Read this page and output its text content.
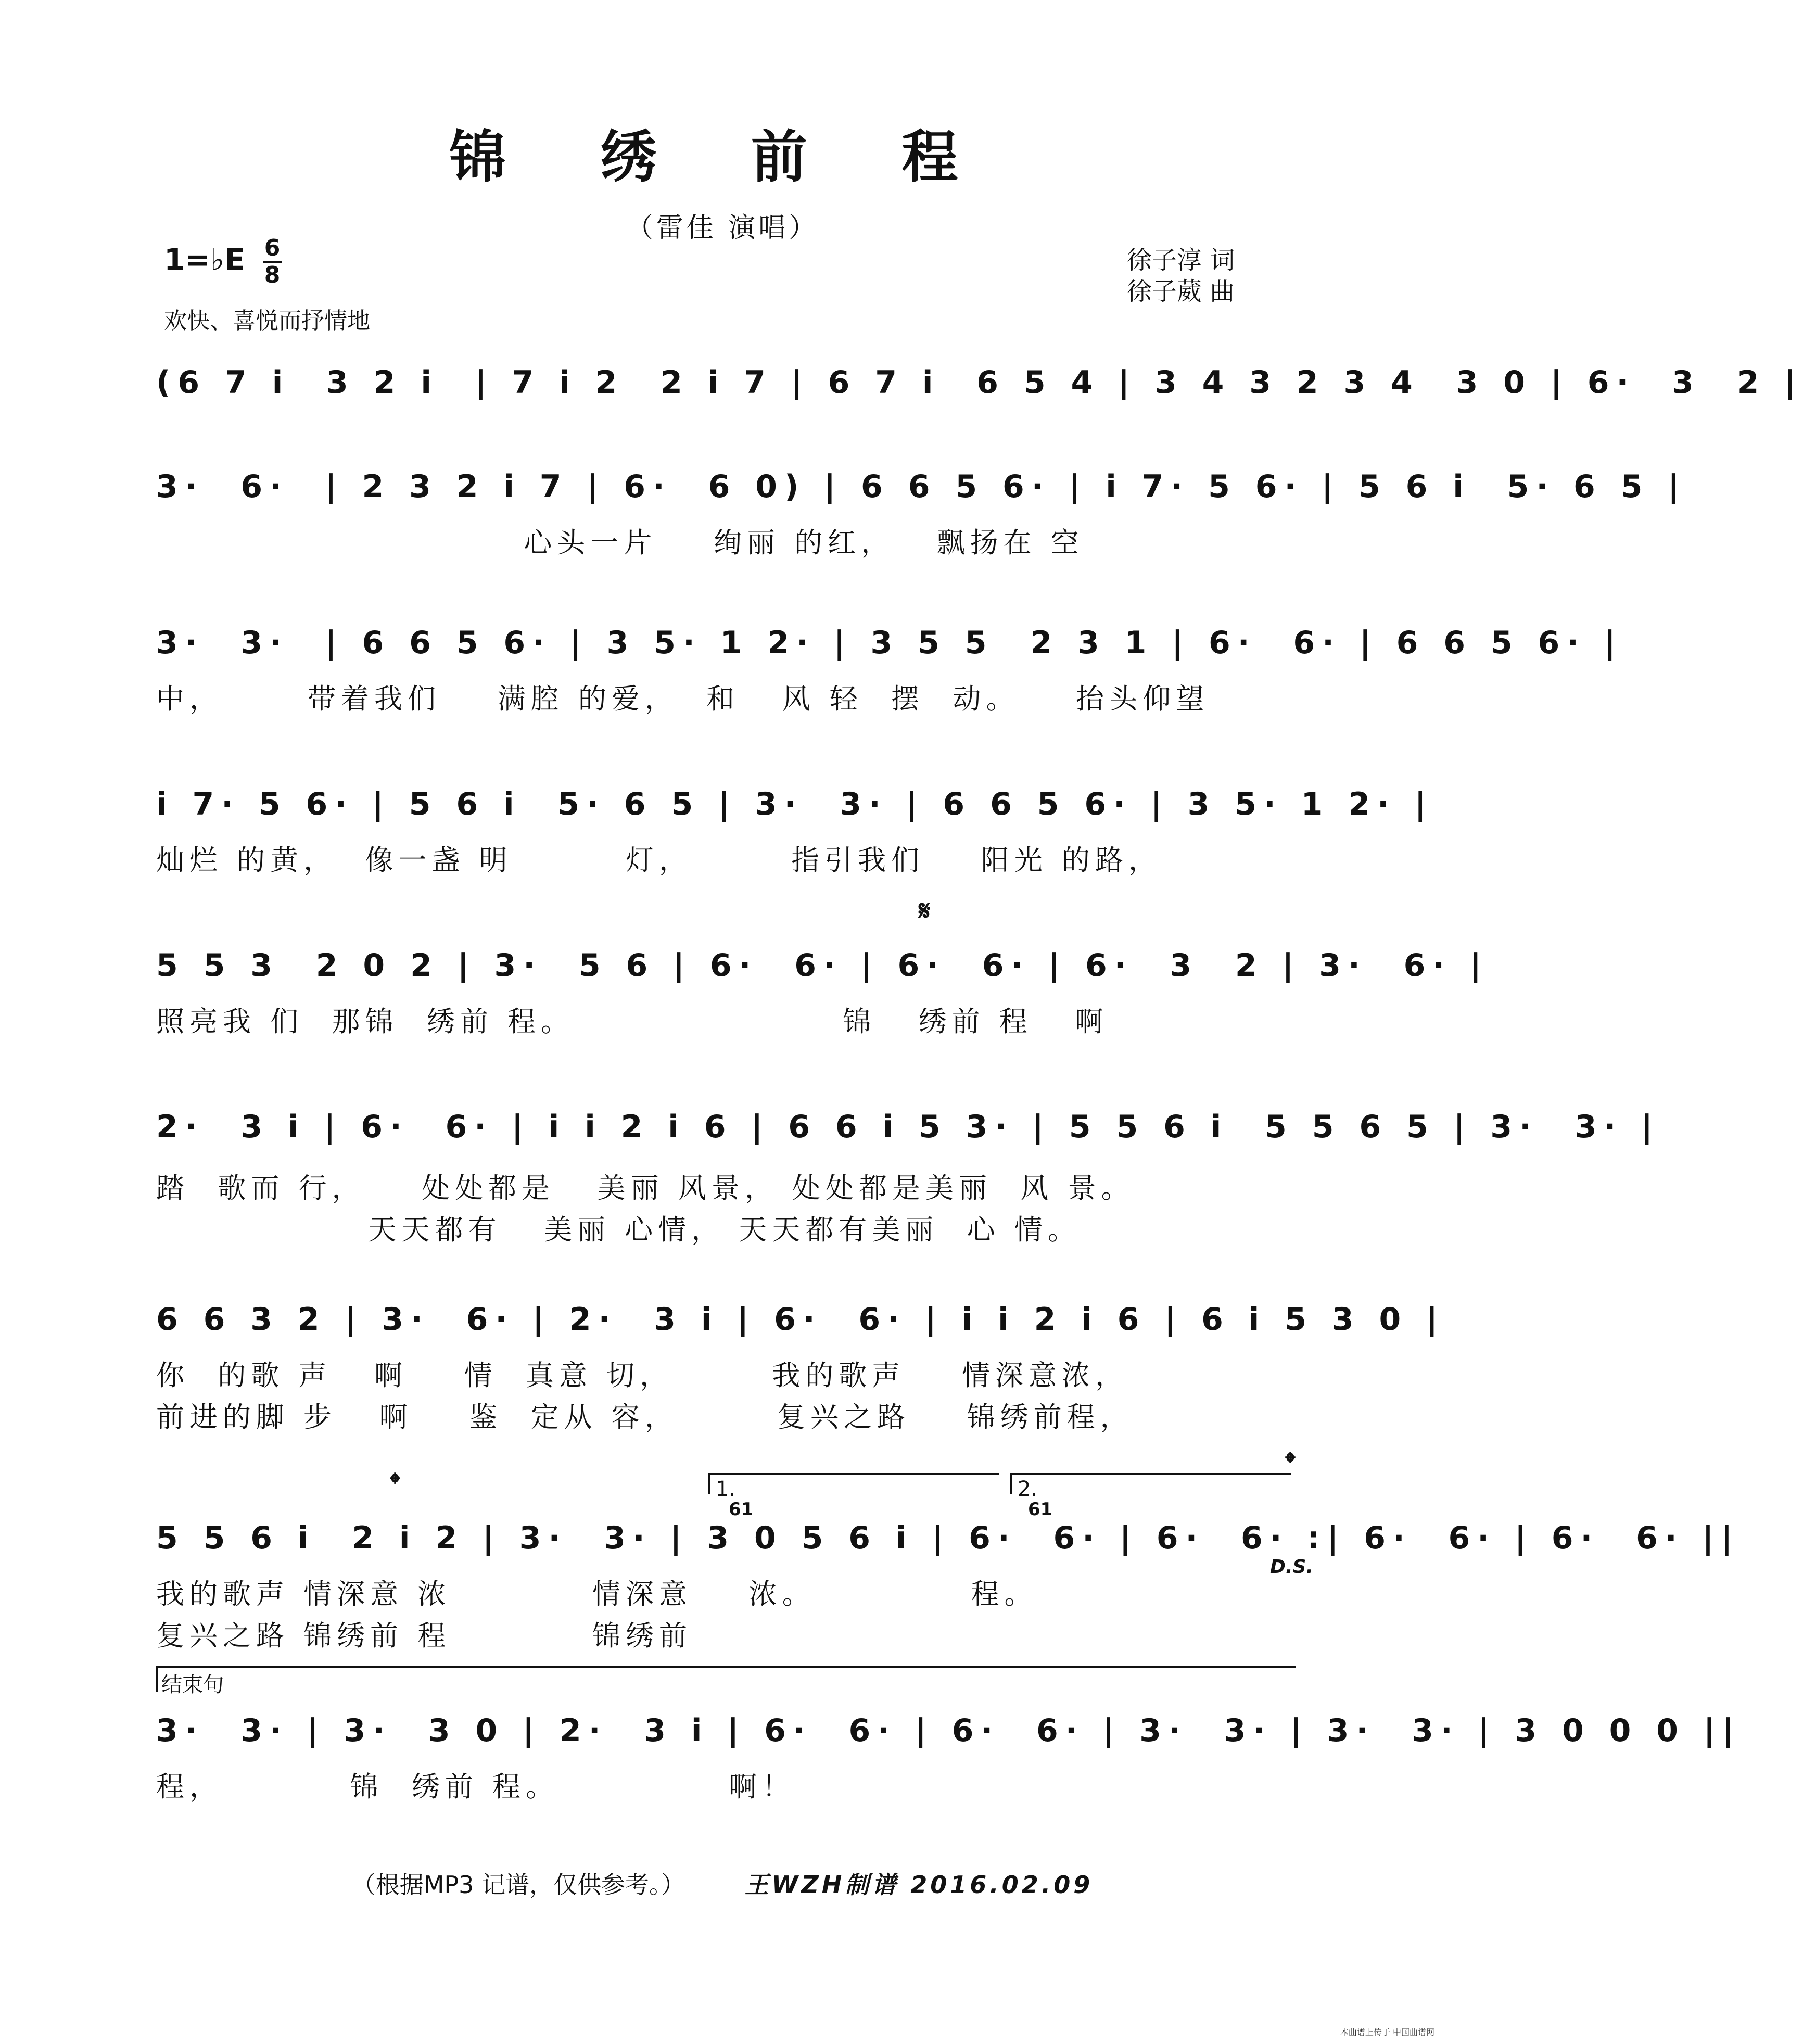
锦 绣 前 程
（雷佳 演唱）
1=♭E 6
8
欢快、喜悦而抒情地
徐子淳 词
徐子葳 曲
(6 7 i  3 2 i  | 7 i 2  2 i 7 | 6 7 i  6 5 4 | 3 4 3 2 3 4  3 0 | 6·  3  2 |
3·  6·  | 2 3 2 i 7 | 6·  6 0) | 6 6 5 6· | i 7· 5 6· | 5 6 i  5· 6 5 |
心头一片    绚丽 的红，   飘扬在 空
3·  3·  | 6 6 5 6· | 3 5· 1 2· | 3 5 5  2 3 1 | 6·  6· | 6 6 5 6· |
中，      带着我们    满腔 的爱，  和   风 轻  摆  动。    抬头仰望
i 7· 5 6· | 5 6 i  5· 6 5 | 3·  3· | 6 6 5 6· | 3 5· 1 2· |
灿烂 的黄，  像一盏 明        灯，       指引我们    阳光 的路，
𝄋
5 5 3  2 0 2 | 3·  5 6 | 6·  6· | 6·  6· | 6·  3  2 | 3·  6· |
照亮我 们  那锦  绣前 程。                   锦   绣前 程   啊
2·  3 i | 6·  6· | i i 2 i 6 | 6 6 i 5 3· | 5 5 6 i  5 5 6 5 | 3·  3· |
踏  歌而 行，    处处都是   美丽 风景， 处处都是美丽  风 景。
天天都有   美丽 心情， 天天都有美丽  心 情。
6 6 3 2 | 3·  6· | 2·  3 i | 6·  6· | i i 2 i 6 | 6 i 5 3 0 |
你  的歌 声   啊    情  真意 切，       我的歌声    情深意浓，
前进的脚 步   啊    鉴  定从 容，       复兴之路    锦绣前程，
𝄌
𝄌
1.	2.
61	61
5 5 6 i  2 i 2 | 3·  3· | 3 0 5 6 i | 6·  6· | 6·  6· :| 6·  6· | 6·  6· ||
我的歌声 情深意 浓          情深意    浓。           程。
复兴之路 锦绣前 程          锦绣前
D.S.
结束句
3·  3· | 3·  3 0 | 2·  3 i | 6·  6· | 6·  6· | 3·  3· | 3·  3· | 3 0 0 0 ||
程，         锦  绣前 程。            啊！
（根据MP3 记谱，仅供参考。） 王WZH制谱 2016.02.09
本曲谱上传于 中国曲谱网
